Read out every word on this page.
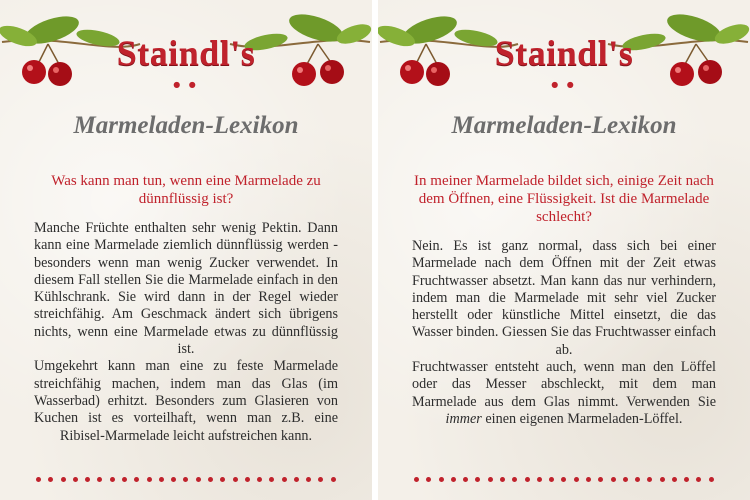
Staindl's
● ●
Marmeladen-Lexikon
Was kann man tun, wenn eine Marmelade zu dünnflüssig ist?

Manche Früchte enthalten sehr wenig Pektin. Dann kann eine Marmelade ziemlich dünnflüssig werden - besonders wenn man wenig Zucker verwendet. In diesem Fall stellen Sie die Marmelade einfach in den Kühlschrank. Sie wird dann in der Regel wieder streichfähig. Am Geschmack ändert sich übrigens nichts, wenn eine Marmelade etwas zu dünnflüssig ist.

Umgekehrt kann man eine zu feste Marmelade streichfähig machen, indem man das Glas (im Wasserbad) erhitzt. Besonders zum Glasieren von Kuchen ist es vorteilhaft, wenn man z.B. eine Ribisel-Marmelade leicht aufstreichen kann.

Staindl's
● ●
Marmeladen-Lexikon
In meiner Marmelade bildet sich, einige Zeit nach dem Öffnen, eine Flüssigkeit. Ist die Marmelade schlecht?

Nein. Es ist ganz normal, dass sich bei einer Marmelade nach dem Öffnen mit der Zeit etwas Fruchtwasser absetzt. Man kann das nur verhindern, indem man die Marmelade mit sehr viel Zucker herstellt oder künstliche Mittel einsetzt, die das Wasser binden. Giessen Sie das Fruchtwasser einfach ab.

Fruchtwasser entsteht auch, wenn man den Löffel oder das Messer abschleckt, mit dem man Marmelade aus dem Glas nimmt. Verwenden Sie immer einen eigenen Marmeladen-Löffel.
